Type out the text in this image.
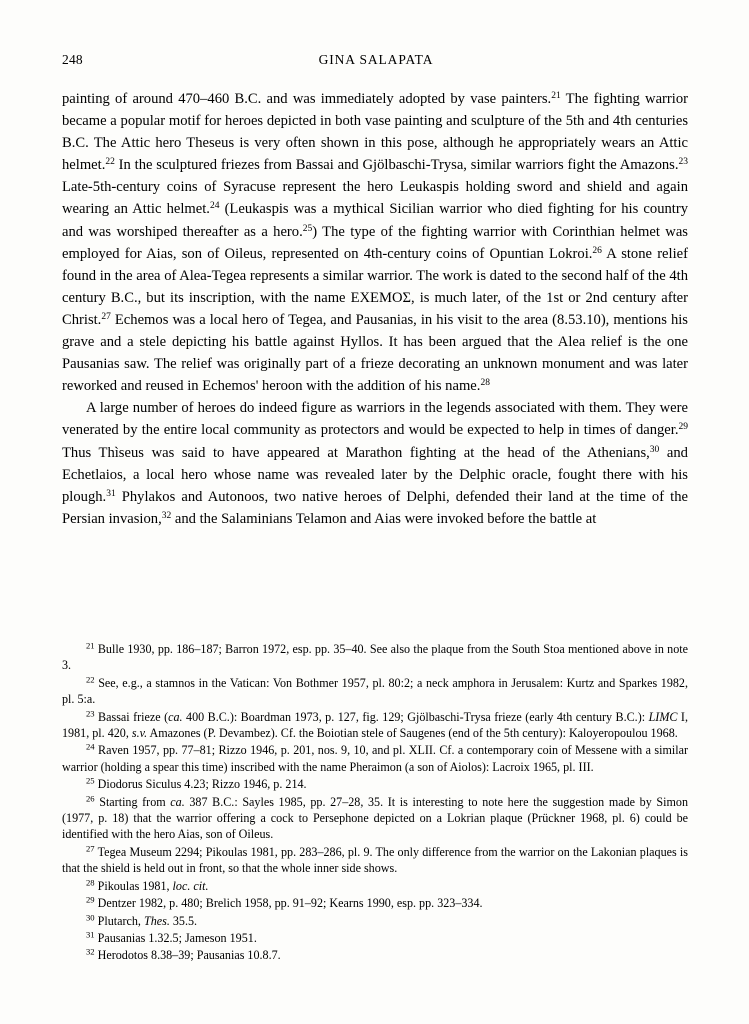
248	GINA SALAPATA

painting of around 470–460 B.C. and was immediately adopted by vase painters.$^{21}$ The fighting warrior became a popular motif for heroes depicted in both vase painting and sculpture of the 5th and 4th centuries B.C. The Attic hero Theseus is very often shown in this pose, although he appropriately wears an Attic helmet.$^{22}$ In the sculptured friezes from Bassai and Gjölbaschi-Trysa, similar warriors fight the Amazons.$^{23}$ Late-5th-century coins of Syracuse represent the hero Leukaspis holding sword and shield and again wearing an Attic helmet.$^{24}$ (Leukaspis was a mythical Sicilian warrior who died fighting for his country and was worshiped thereafter as a hero.$^{25}$) The type of the fighting warrior with Corinthian helmet was employed for Aias, son of Oileus, represented on 4th-century coins of Opuntian Lokroi.$^{26}$ A stone relief found in the area of Alea-Tegea represents a similar warrior. The work is dated to the second half of the 4th century B.C., but its inscription, with the name ΕΧΕΜΟΣ, is much later, of the 1st or 2nd century after Christ.$^{27}$ Echemos was a local hero of Tegea, and Pausanias, in his visit to the area (8.53.10), mentions his grave and a stele depicting his battle against Hyllos. It has been argued that the Alea relief is the one Pausanias saw. The relief was originally part of a frieze decorating an unknown monument and was later reworked and reused in Echemos' heroon with the addition of his name.$^{28}$

A large number of heroes do indeed figure as warriors in the legends associated with them. They were venerated by the entire local community as protectors and would be expected to help in times of danger.$^{29}$ Thus Thìseus was said to have appeared at Marathon fighting at the head of the Athenians,$^{30}$ and Echetlaios, a local hero whose name was revealed later by the Delphic oracle, fought there with his plough.$^{31}$ Phylakos and Autonoos, two native heroes of Delphi, defended their land at the time of the Persian invasion,$^{32}$ and the Salaminians Telamon and Aias were invoked before the battle at

$^{21}$ Bulle 1930, pp. 186–187; Barron 1972, esp. pp. 35–40. See also the plaque from the South Stoa mentioned above in note 3.

$^{22}$ See, e.g., a stamnos in the Vatican: Von Bothmer 1957, pl. 80:2; a neck amphora in Jerusalem: Kurtz and Sparkes 1982, pl. 5:a.

$^{23}$ Bassai frieze (ca. 400 B.C.): Boardman 1973, p. 127, fig. 129; Gjölbaschi-Trysa frieze (early 4th century B.C.): LIMC I, 1981, pl. 420, s.v. Amazones (P. Devambez). Cf. the Boiotian stele of Saugenes (end of the 5th century): Kaloyeropoulou 1968.

$^{24}$ Raven 1957, pp. 77–81; Rizzo 1946, p. 201, nos. 9, 10, and pl. XLII. Cf. a contemporary coin of Messene with a similar warrior (holding a spear this time) inscribed with the name Pheraimon (a son of Aiolos): Lacroix 1965, pl. III.

$^{25}$ Diodorus Siculus 4.23; Rizzo 1946, p. 214.

$^{26}$ Starting from ca. 387 B.C.: Sayles 1985, pp. 27–28, 35. It is interesting to note here the suggestion made by Simon (1977, p. 18) that the warrior offering a cock to Persephone depicted on a Lokrian plaque (Prückner 1968, pl. 6) could be identified with the hero Aias, son of Oileus.

$^{27}$ Tegea Museum 2294; Pikoulas 1981, pp. 283–286, pl. 9. The only difference from the warrior on the Lakonian plaques is that the shield is held out in front, so that the whole inner side shows.

$^{28}$ Pikoulas 1981, loc. cit.

$^{29}$ Dentzer 1982, p. 480; Brelich 1958, pp. 91–92; Kearns 1990, esp. pp. 323–334.

$^{30}$ Plutarch, Thes. 35.5.

$^{31}$ Pausanias 1.32.5; Jameson 1951.

$^{32}$ Herodotos 8.38–39; Pausanias 10.8.7.
